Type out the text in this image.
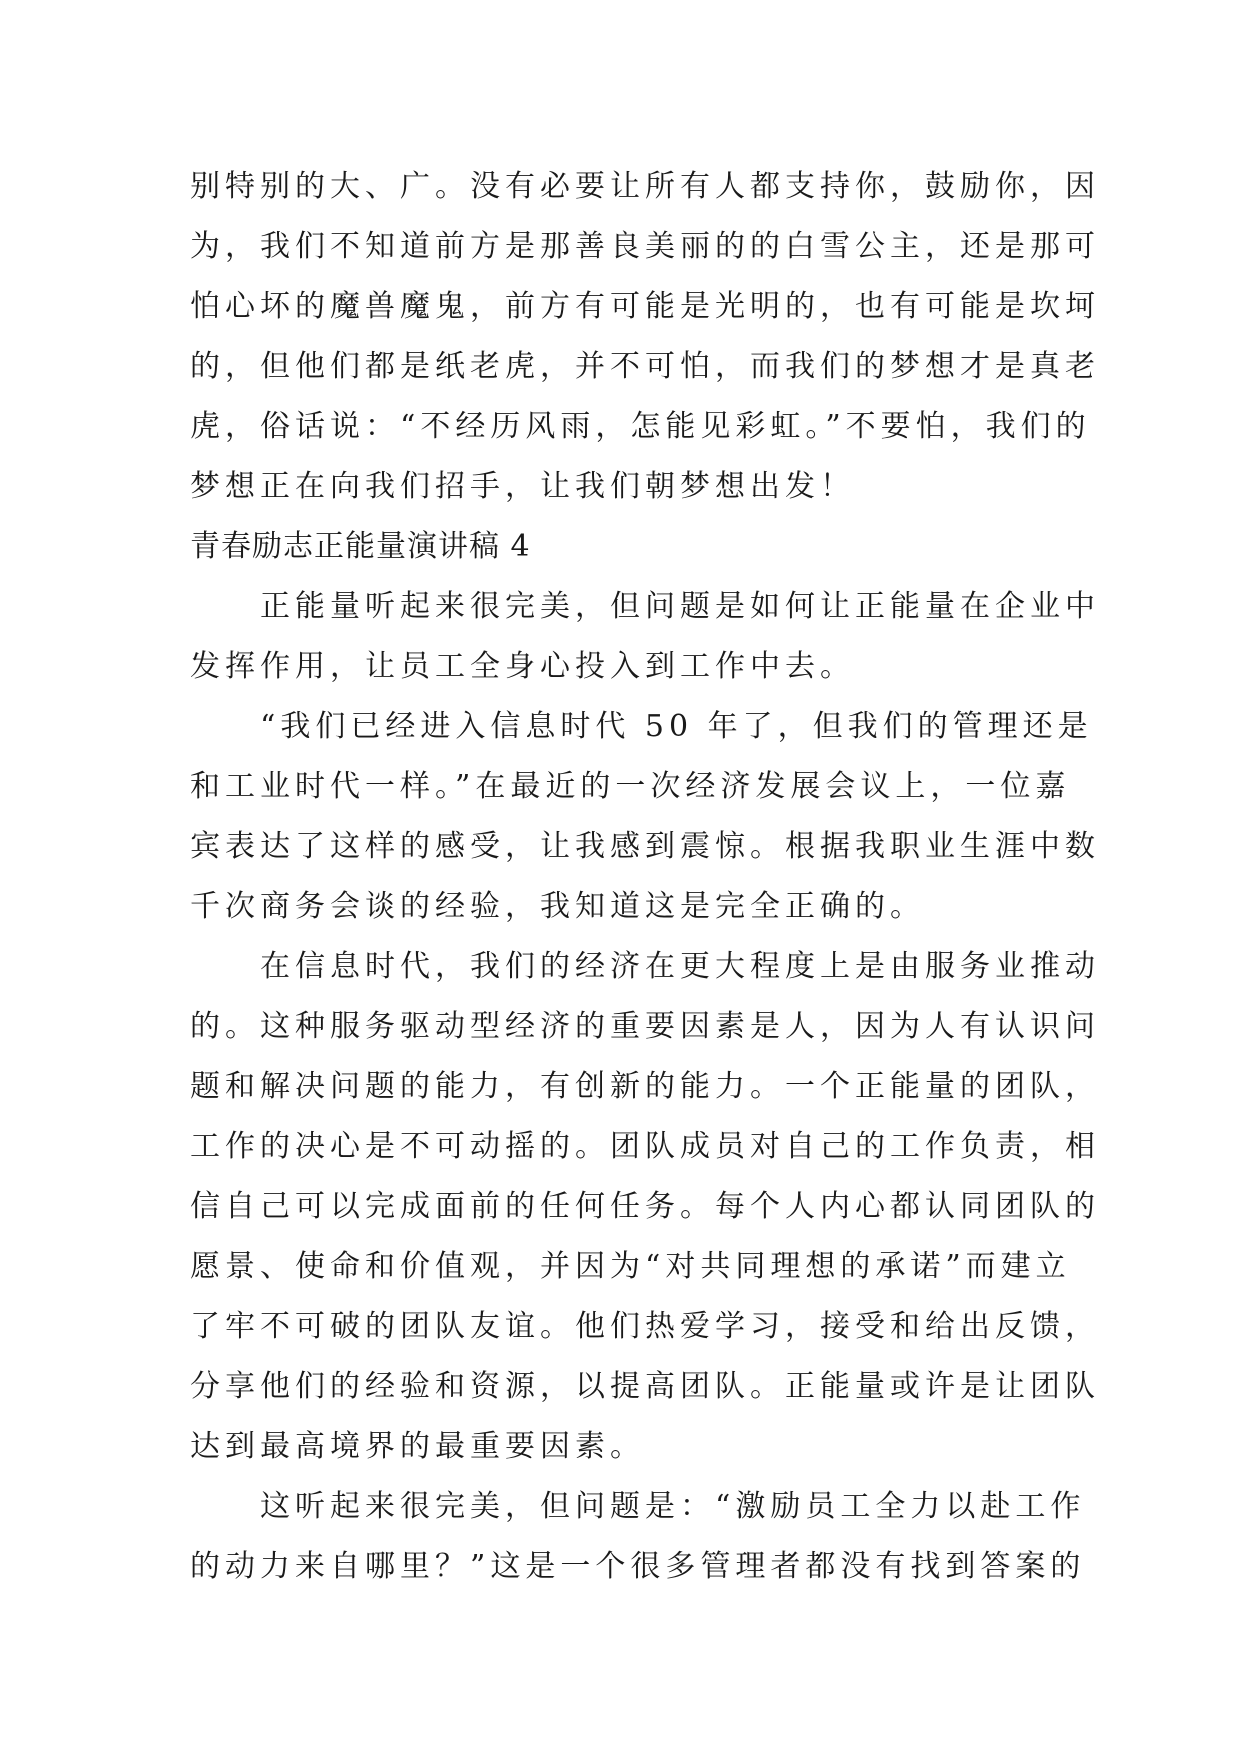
别特别的大、广。没有必要让所有人都支持你，鼓励你，因
为，我们不知道前方是那善良美丽的的白雪公主，还是那可
怕心坏的魔兽魔鬼，前方有可能是光明的，也有可能是坎坷
的，但他们都是纸老虎，并不可怕，而我们的梦想才是真老
虎，俗话说：“不经历风雨，怎能见彩虹。”不要怕，我们的
梦想正在向我们招手，让我们朝梦想出发！
青春励志正能量演讲稿 4
　　正能量听起来很完美，但问题是如何让正能量在企业中
发挥作用，让员工全身心投入到工作中去。
　　“我们已经进入信息时代 50 年了，但我们的管理还是
和工业时代一样。”在最近的一次经济发展会议上，一位嘉
宾表达了这样的感受，让我感到震惊。根据我职业生涯中数
千次商务会谈的经验，我知道这是完全正确的。
　　在信息时代，我们的经济在更大程度上是由服务业推动
的。这种服务驱动型经济的重要因素是人，因为人有认识问
题和解决问题的能力，有创新的能力。一个正能量的团队，
工作的决心是不可动摇的。团队成员对自己的工作负责，相
信自己可以完成面前的任何任务。每个人内心都认同团队的
愿景、使命和价值观，并因为“对共同理想的承诺”而建立
了牢不可破的团队友谊。他们热爱学习，接受和给出反馈，
分享他们的经验和资源，以提高团队。正能量或许是让团队
达到最高境界的最重要因素。
　　这听起来很完美，但问题是：“激励员工全力以赴工作
的动力来自哪里？”这是一个很多管理者都没有找到答案的
